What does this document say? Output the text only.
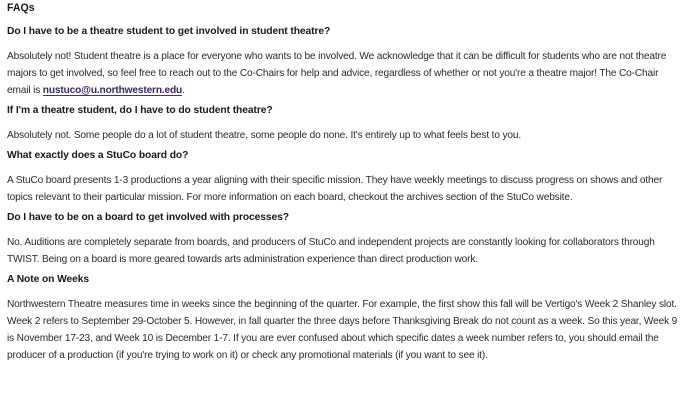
FAQs
Do I have to be a theatre student to get involved in student theatre?

Absolutely not! Student theatre is a place for everyone who wants to be involved. We acknowledge that it can be difficult for students who are not theatre majors to get involved, so feel free to reach out to the Co-Chairs for help and advice, regardless of whether or not you're a theatre major! The Co-Chair email is nustuco@u.northwestern.edu.

If I'm a theatre student, do I have to do student theatre?

Absolutely not. Some people do a lot of student theatre, some people do none. It's entirely up to what feels best to you.

What exactly does a StuCo board do?

A StuCo board presents 1-3 productions a year aligning with their specific mission. They have weekly meetings to discuss progress on shows and other topics relevant to their particular mission. For more information on each board, checkout the archives section of the StuCo website.

Do I have to be on a board to get involved with processes?

No. Auditions are completely separate from boards, and producers of StuCo and independent projects are constantly looking for collaborators through TWIST. Being on a board is more geared towards arts administration experience than direct production work.

A Note on Weeks

Northwestern Theatre measures time in weeks since the beginning of the quarter. For example, the first show this fall will be Vertigo's Week 2 Shanley slot. Week 2 refers to September 29-October 5. However, in fall quarter the three days before Thanksgiving Break do not count as a week. So this year, Week 9 is November 17-23, and Week 10 is December 1-7. If you are ever confused about which specific dates a week number refers to, you should email the producer of a production (if you're trying to work on it) or check any promotional materials (if you want to see it).
